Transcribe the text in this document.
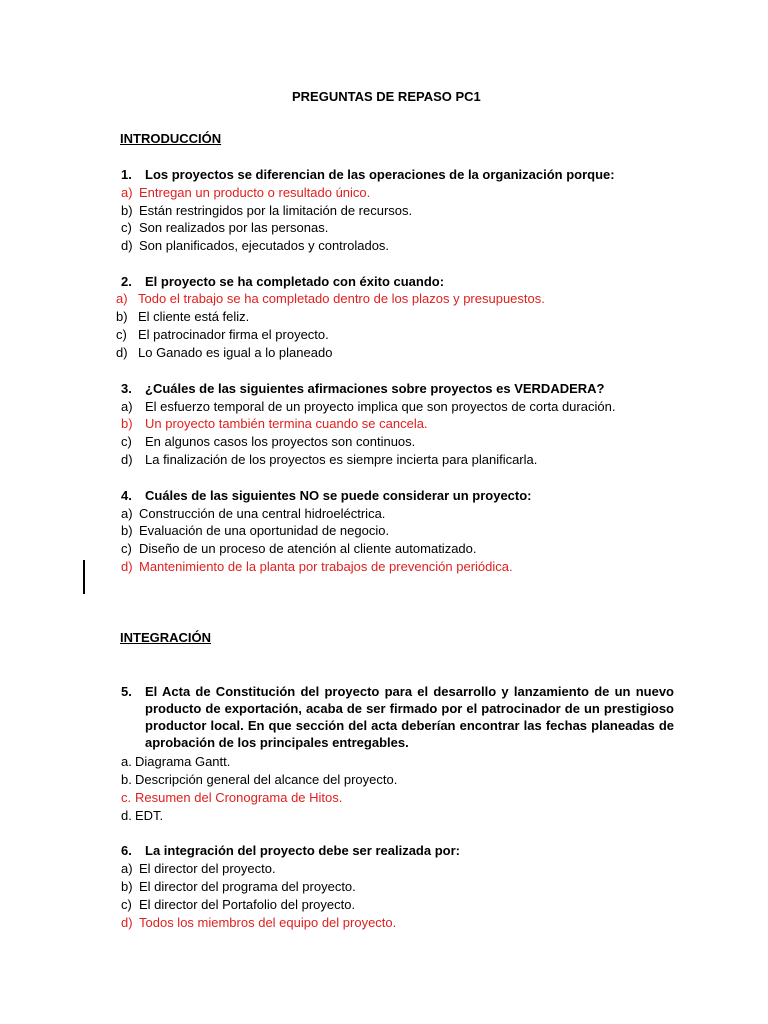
PREGUNTAS DE REPASO PC1
INTRODUCCIÓN
1. Los proyectos se diferencian de las operaciones de la organización porque:
a) Entregan un producto o resultado único.
b) Están restringidos por la limitación de recursos.
c) Son realizados por las personas.
d) Son planificados, ejecutados y controlados.
2. El proyecto se ha completado con éxito cuando:
a) Todo el trabajo se ha completado dentro de los plazos y presupuestos.
b) El cliente está feliz.
c) El patrocinador firma el proyecto.
d) Lo Ganado es igual a lo planeado
3. ¿Cuáles de las siguientes afirmaciones sobre proyectos es VERDADERA?
a) El esfuerzo temporal de un proyecto implica que son proyectos de corta duración.
b) Un proyecto también termina cuando se cancela.
c) En algunos casos los proyectos son continuos.
d) La finalización de los proyectos es siempre incierta para planificarla.
4. Cuáles de las siguientes NO se puede considerar un proyecto:
a) Construcción de una central hidroeléctrica.
b) Evaluación de una oportunidad de negocio.
c) Diseño de un proceso de atención al cliente automatizado.
d) Mantenimiento de la planta por trabajos de prevención periódica.
INTEGRACIÓN
5.	El Acta de Constitución del proyecto para el desarrollo y lanzamiento de un nuevo producto de exportación, acaba de ser firmado por el patrocinador de un prestigioso productor local. En que sección del acta deberían encontrar las fechas planeadas de aprobación de los principales entregables.
a. Diagrama Gantt.
b. Descripción general del alcance del proyecto.
c. Resumen del Cronograma de Hitos.
d. EDT.
6. La integración del proyecto debe ser realizada por:
a) El director del proyecto.
b) El director del programa del proyecto.
c) El director del Portafolio del proyecto.
d) Todos los miembros del equipo del proyecto.
